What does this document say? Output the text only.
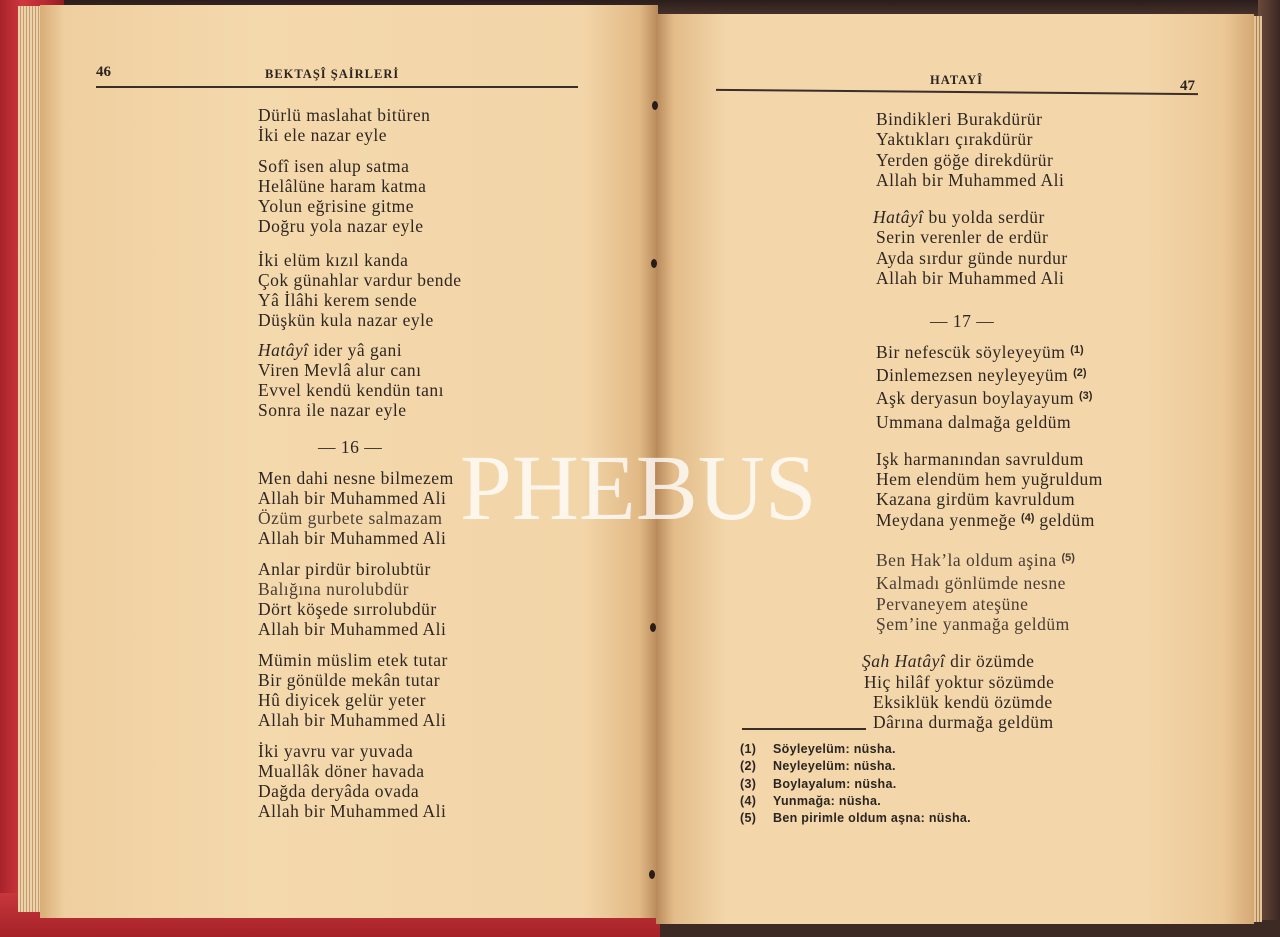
46	BEKTAŞÎ ŞAİRLERİ
Dürlü maslahat bitüren
İki ele nazar eyle
Sofî isen alup satma
Helâlüne haram katma
Yolun eğrisine gitme
Doğru yola nazar eyle
İki elüm kızıl kanda
Çok günahlar vardur bende
Yâ İlâhi kerem sende
Düşkün kula nazar eyle
Hatâyî ider yâ gani
Viren Mevlâ alur canı
Evvel kendü kendün tanı
Sonra ile nazar eyle
— 16 —
Men dahi nesne bilmezem
Allah bir Muhammed Ali
Özüm gurbete salmazam
Allah bir Muhammed Ali
Anlar pirdür birolubtür
Balığına nurolubdür
Dört köşede sırrolubdür
Allah bir Muhammed Ali
Mümin müslim etek tutar
Bir gönülde mekân tutar
Hû diyicek gelür yeter
Allah bir Muhammed Ali
İki yavru var yuvada
Muallâk döner havada
Dağda deryâda ovada
Allah bir Muhammed Ali
HATAYÎ	47
Bindikleri Burakdürür
Yaktıkları çırakdürür
Yerden göğe direkdürür
Allah bir Muhammed Ali
Hatâyî bu yolda serdür
Serin verenler de erdür
Ayda sırdur günde nurdur
Allah bir Muhammed Ali
— 17 —
Bir nefescük söyleyeyüm $^{(1)}$
Dinlemezsen neyleyeyüm $^{(2)}$
Aşk deryasun boylayayum $^{(3)}$
Ummana dalmağa geldüm
Işk harmanından savruldum
Hem elendüm hem yuğruldum
Kazana girdüm kavruldum
Meydana yenmeğe $^{(4)}$ geldüm
Ben Hak’la oldum aşina $^{(5)}$
Kalmadı gönlümde nesne
Pervaneyem ateşüne
Şem’ine yanmağa geldüm
Şah Hatâyî dir özümde
Hiç hilâf yoktur sözümde
Eksiklük kendü özümde
Dârına durmağa geldüm
(1) Söyleyelüm: nüsha.
(2) Neyleyelüm: nüsha.
(3) Boylayalum: nüsha.
(4) Yunmağa: nüsha.
(5) Ben pirimle oldum aşna: nüsha.
PHEBUS
